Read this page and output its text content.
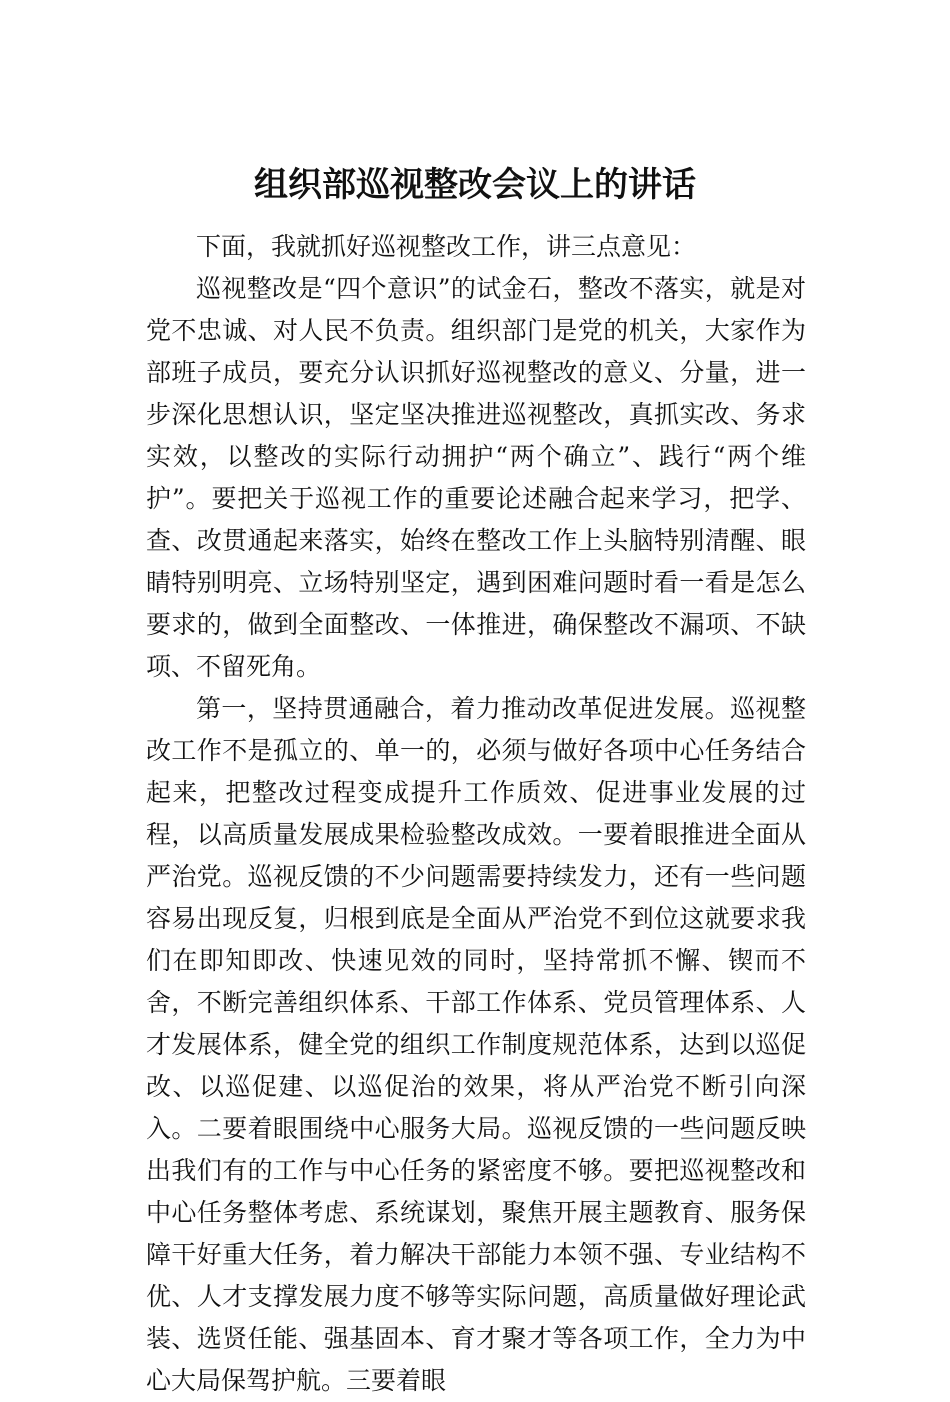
组织部巡视整改会议上的讲话

下面，我就抓好巡视整改工作，讲三点意见：

巡视整改是“四个意识”的试金石，整改不落实，就是对党不忠诚、对人民不负责。组织部门是党的机关，大家作为部班子成员，要充分认识抓好巡视整改的意义、分量，进一步深化思想认识，坚定坚决推进巡视整改，真抓实改、务求实效，以整改的实际行动拥护“两个确立”、践行“两个维护”。要把关于巡视工作的重要论述融合起来学习，把学、查、改贯通起来落实，始终在整改工作上头脑特别清醒、眼睛特别明亮、立场特别坚定，遇到困难问题时看一看是怎么要求的，做到全面整改、一体推进，确保整改不漏项、不缺项、不留死角。

第一，坚持贯通融合，着力推动改革促进发展。巡视整改工作不是孤立的、单一的，必须与做好各项中心任务结合起来，把整改过程变成提升工作质效、促进事业发展的过程，以高质量发展成果检验整改成效。一要着眼推进全面从严治党。巡视反馈的不少问题需要持续发力，还有一些问题容易出现反复，归根到底是全面从严治党不到位这就要求我们在即知即改、快速见效的同时，坚持常抓不懈、锲而不舍，不断完善组织体系、干部工作体系、党员管理体系、人才发展体系，健全党的组织工作制度规范体系，达到以巡促改、以巡促建、以巡促治的效果，将从严治党不断引向深入。二要着眼围绕中心服务大局。巡视反馈的一些问题反映出我们有的工作与中心任务的紧密度不够。要把巡视整改和中心任务整体考虑、系统谋划，聚焦开展主题教育、服务保障干好重大任务，着力解决干部能力本领不强、专业结构不优、人才支撑发展力度不够等实际问题，高质量做好理论武装、选贤任能、强基固本、育才聚才等各项工作，全力为中心大局保驾护航。三要着眼
